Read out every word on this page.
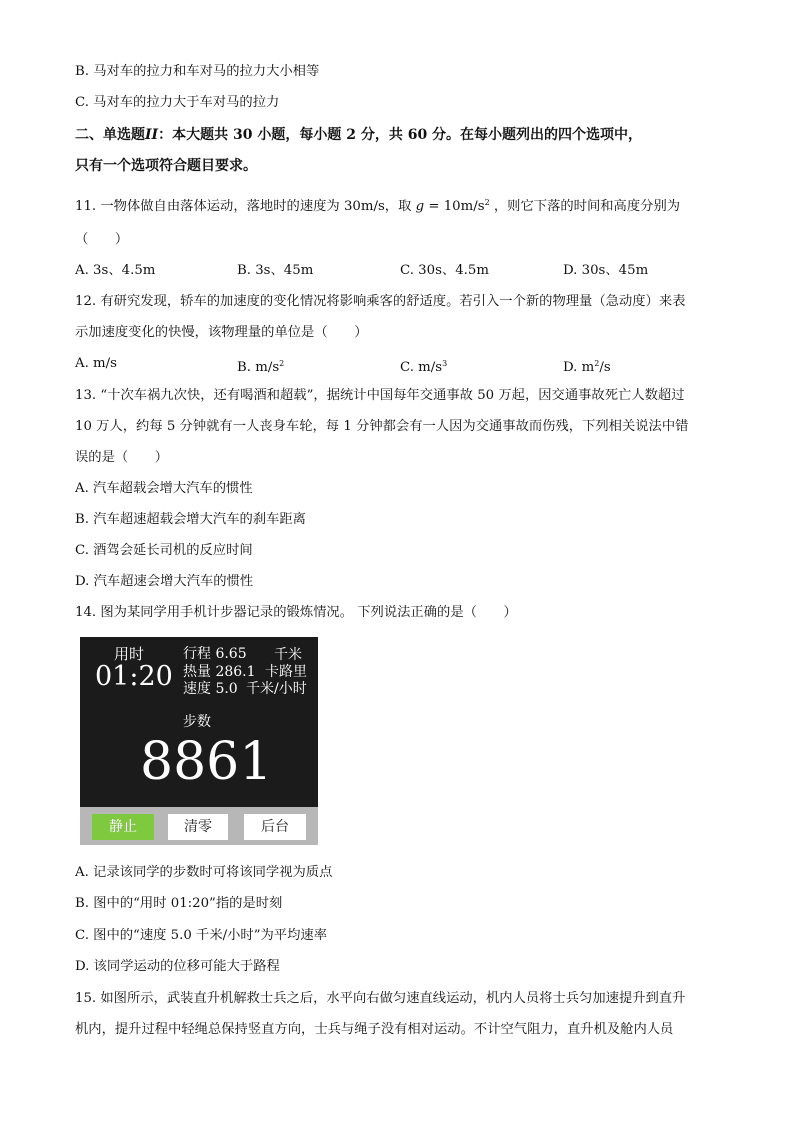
B. 马对车的拉力和车对马的拉力大小相等
C. 马对车的拉力大于车对马的拉力
二、单选题II：本大题共 30 小题，每小题 2 分，共 60 分。在每小题列出的四个选项中，
只有一个选项符合题目要求。
11. 一物体做自由落体运动，落地时的速度为 30m/s，取 $g = 10m/s^2$ ，则它下落的时间和高度分别为
（　　）
A. 3s、4.5m	B. 3s、45m	C. 30s、4.5m	D. 30s、45m
12. 有研究发现，轿车的加速度的变化情况将影响乘客的舒适度。若引入一个新的物理量（急动度）来表
示加速度变化的快慢，该物理量的单位是（　　）
A. m/s	B. $m/s^2$	C. $m/s^3$	D. $m^2/s$
13. “十次车祸九次快，还有喝酒和超载”，据统计中国每年交通事故 50 万起，因交通事故死亡人数超过
10 万人，约每 5 分钟就有一人丧身车轮，每 1 分钟都会有一人因为交通事故而伤残，下列相关说法中错
误的是（　　）
A. 汽车超载会增大汽车的惯性
B. 汽车超速超载会增大汽车的刹车距离
C. 酒驾会延长司机的反应时间
D. 汽车超速会增大汽车的惯性
14. 图为某同学用手机计步器记录的锻炼情况。 下列说法正确的是（　　）
用时
01:20
行程 6.65 千米
热量 286.1 卡路里
速度 5.0 千米/小时
步数
8861
静止	清零	后台
A. 记录该同学的步数时可将该同学视为质点
B. 图中的“用时 01:20”指的是时刻
C. 图中的“速度 5.0 千米/小时”为平均速率
D. 该同学运动的位移可能大于路程
15. 如图所示，武装直升机解救士兵之后，水平向右做匀速直线运动，机内人员将士兵匀加速提升到直升
机内，提升过程中轻绳总保持竖直方向，士兵与绳子没有相对运动。不计空气阻力，直升机及舱内人员
